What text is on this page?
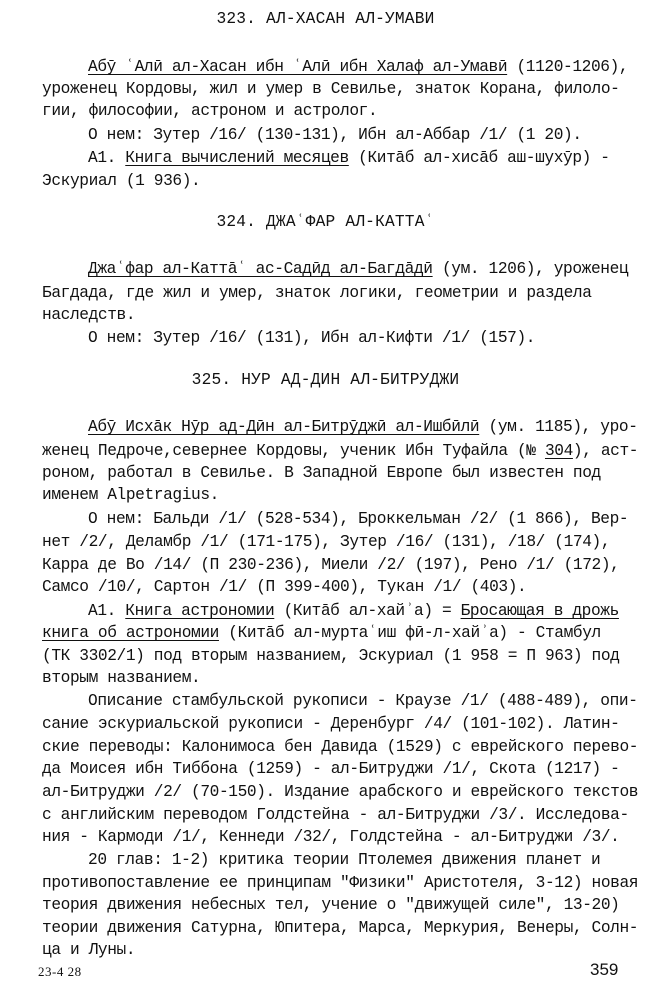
323. АЛ-ХАСАН АЛ-УМАВИ
Абӯ ʿАлӣ ал-Хасан ибн ʿАлӣ ибн Халаф ал-Умавӣ (1120-1206),
уроженец Кордовы, жил и умер в Севилье, знаток Корана, филоло-
гии, философии, астроном и астролог.
О нем: Зутер /16/ (130-131), Ибн ал-Аббар /1/ (1 20).
А1. Книга вычислений месяцев (Китāб ал-хисāб аш-шухӯр) -
Эскуриал (1 936).
324. ДЖАʿФАР АЛ-КАТТАʿ
Джаʿфар ал-Каттāʿ ас-Садӣд ал-Багдāдӣ (ум. 1206), уроженец
Багдада, где жил и умер, знаток логики, геометрии и раздела
наследств.
О нем: Зутер /16/ (131), Ибн ал-Кифти /1/ (157).
325. НУР АД-ДИН АЛ-БИТРУДЖИ
Абӯ Исхāк Нӯр ад-Дӣн ал-Битрӯджӣ ал-Ишбӣлӣ (ум. 1185), уро-
женец Педроче,севернее Кордовы, ученик Ибн Туфайла (№ 304), аст-
роном, работал в Севилье. В Западной Европе был известен под
именем Alpetragius.
О нем: Бальди /1/ (528-534), Броккельман /2/ (1 866), Вер-
нет /2/, Деламбр /1/ (171-175), Зутер /16/ (131), /18/ (174),
Карра де Во /14/ (П 230-236), Миели /2/ (197), Рено /1/ (172),
Самсо /10/, Сартон /1/ (П 399-400), Тукан /1/ (403).
А1. Книга астрономии (Китāб ал-хайʾа) = Бросающая в дрожь
книга об астрономии (Китāб ал-муртаʿиш фӣ-л-хайʾа) - Стамбул
(ТК 3302/1) под вторым названием, Эскуриал (1 958 = П 963) под
вторым названием.
Описание стамбульской рукописи - Краузе /1/ (488-489), опи-
сание эскуриальской рукописи - Деренбург /4/ (101-102). Латин-
ские переводы: Калонимоса бен Давида (1529) с еврейского перево-
да Моисея ибн Тиббона (1259) - ал-Битруджи /1/, Скота (1217) -
ал-Битруджи /2/ (70-150). Издание арабского и еврейского текстов
с английским переводом Голдстейна - ал-Битруджи /3/. Исследова-
ния - Кармоди /1/, Кеннеди /32/, Голдстейна - ал-Битруджи /3/.
20 глав: 1-2) критика теории Птолемея движения планет и
противопоставление ее принципам "Физики" Аристотеля, 3-12) новая
теория движения небесных тел, учение о "движущей силе", 13-20)
теории движения Сатурна, Юпитера, Марса, Меркурия, Венеры, Солн-
ца и Луны.
23-4 28	359
